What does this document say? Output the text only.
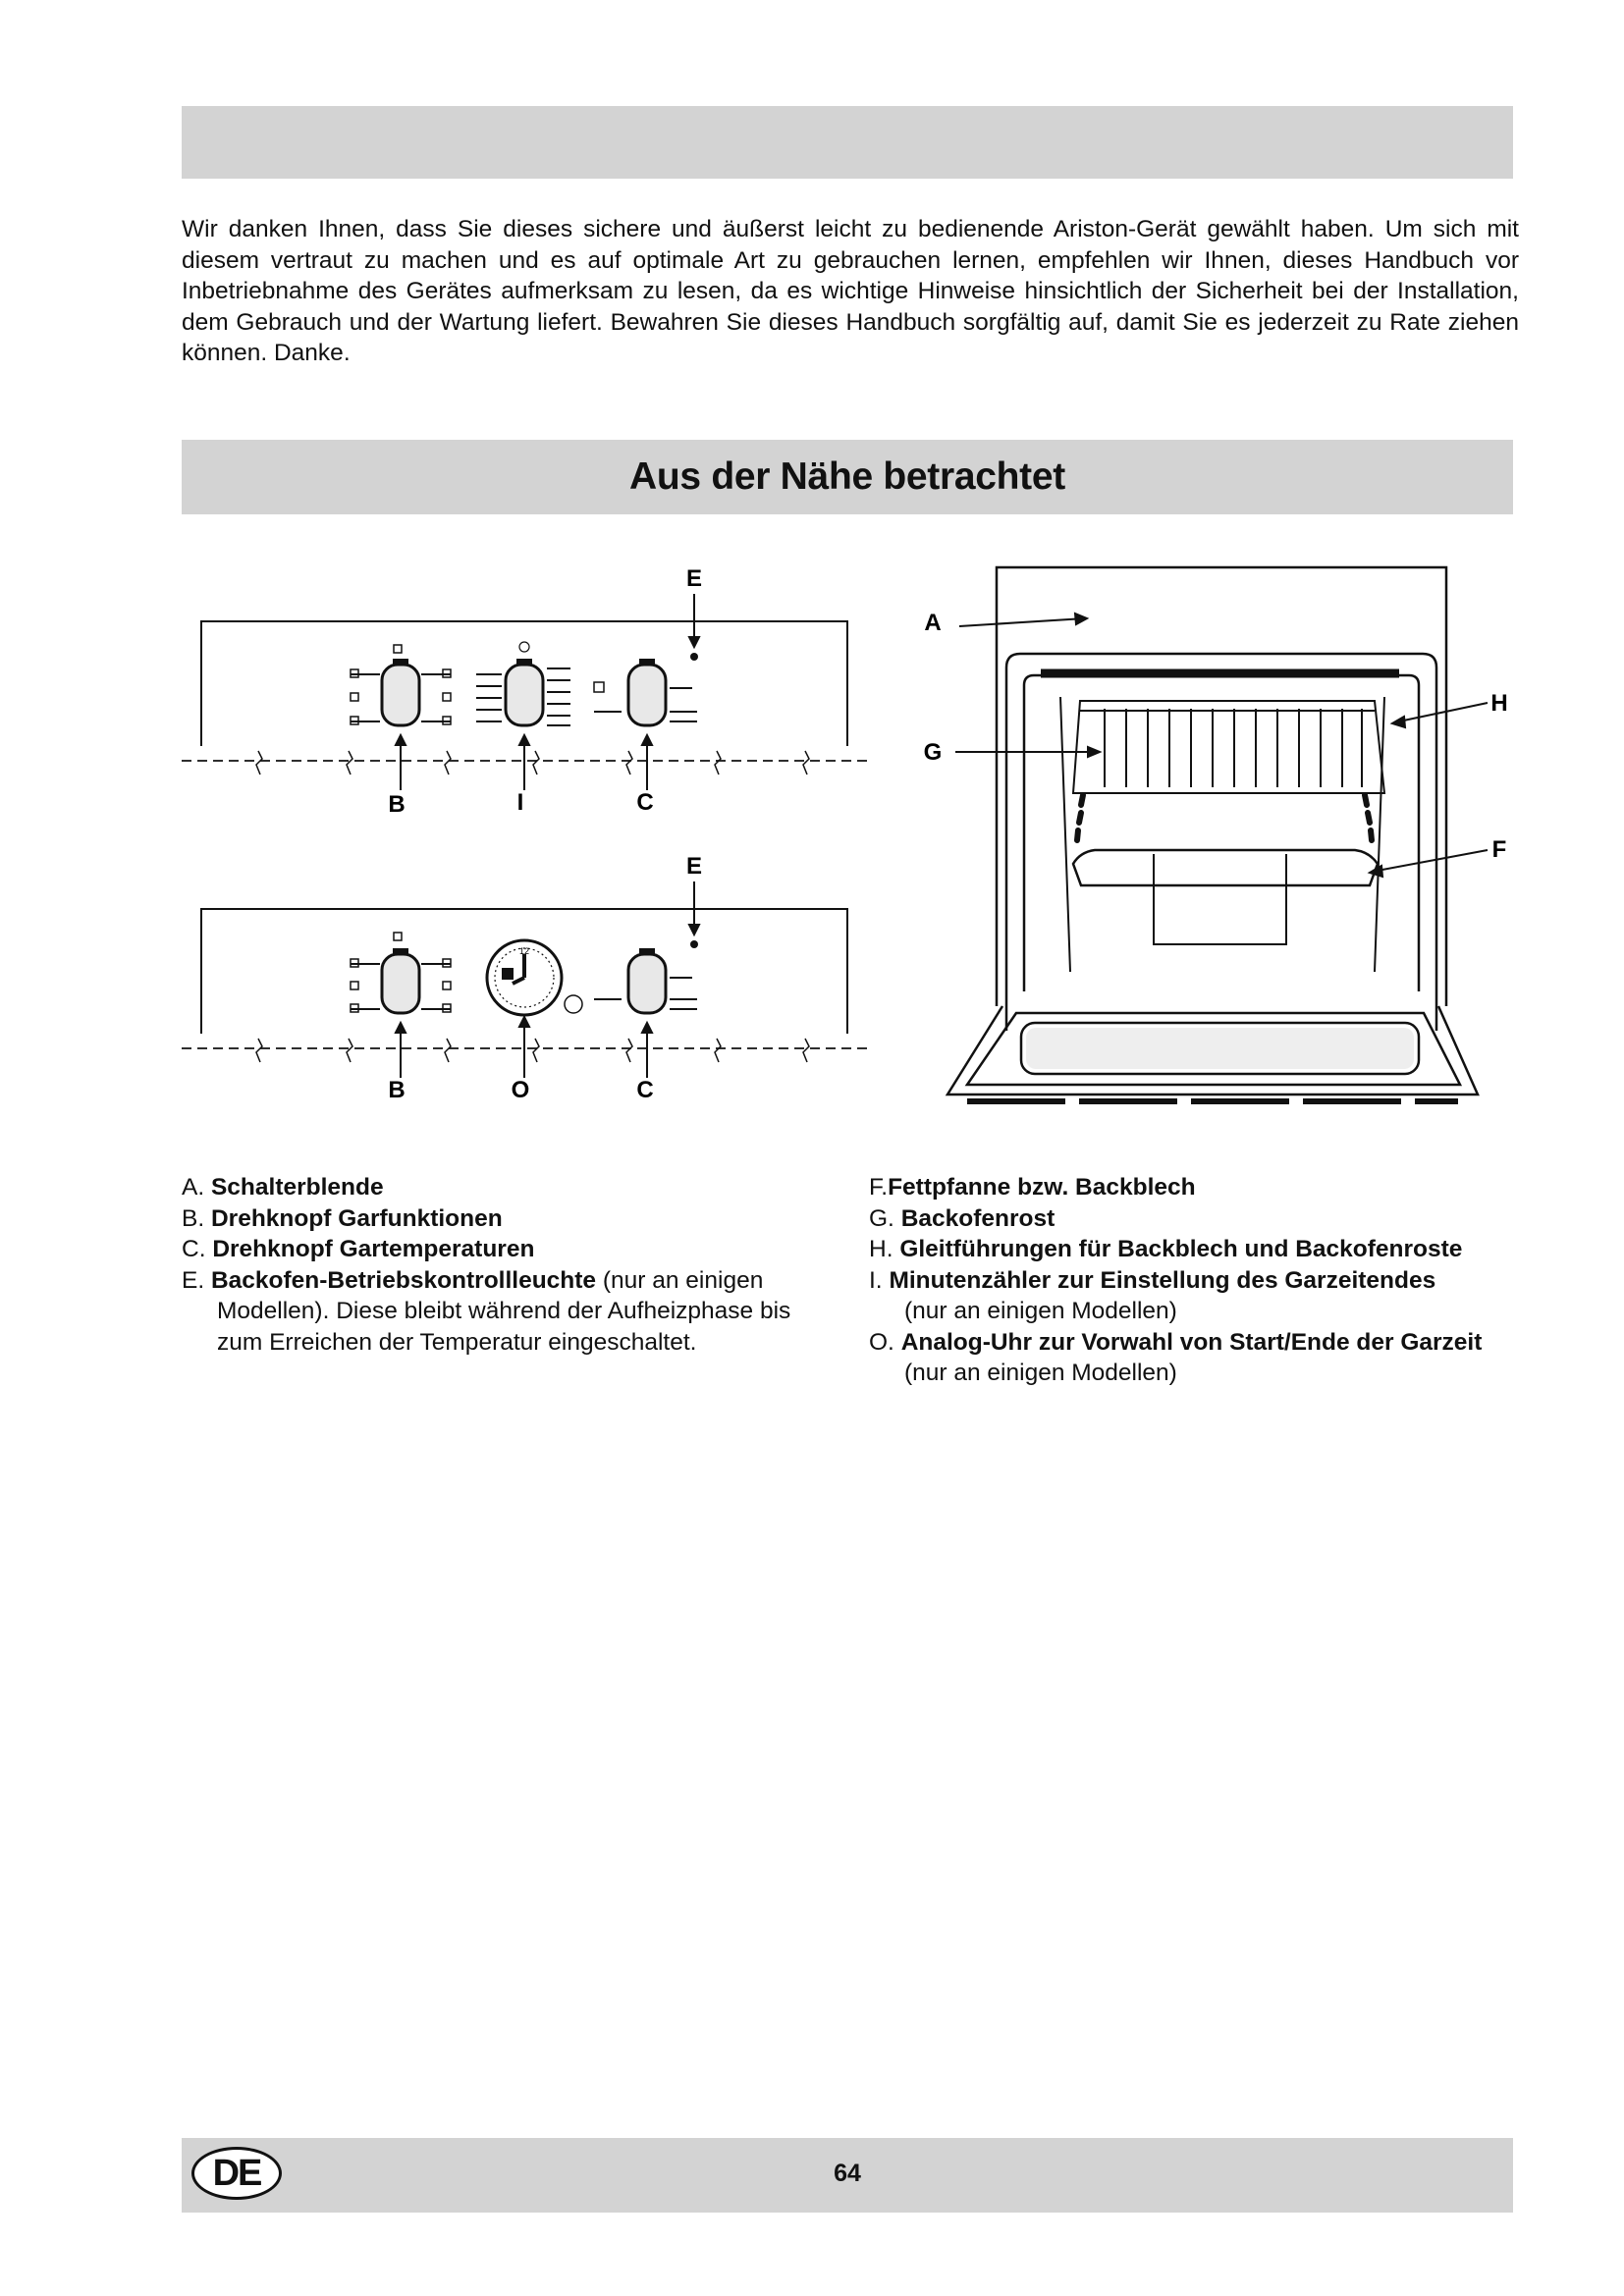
Wir danken Ihnen, dass Sie dieses sichere und äußerst leicht zu bedienende Ariston-Gerät gewählt haben. Um sich mit diesem vertraut zu machen und es auf optimale Art zu gebrauchen lernen, empfehlen wir Ihnen, dieses Handbuch vor Inbetriebnahme des Gerätes aufmerksam zu lesen, da es wichtige Hinweise hinsichtlich der Sicherheit bei der Installation, dem Gebrauch und der Wartung liefert. Bewahren Sie dieses Handbuch sorgfältig auf, damit Sie es jederzeit zu Rate ziehen können. Danke.

Aus der Nähe betrachtet
E
B	I	C
12
E
B	O	C
A
G
H
F
A. Schalterblende
B. Drehknopf Garfunktionen
C. Drehknopf Gartemperaturen
E. Backofen-Betriebskontrollleuchte (nur an einigen
Modellen). Diese bleibt während der Aufheizphase bis zum Erreichen der Temperatur eingeschaltet.
F.Fettpfanne bzw. Backblech
G. Backofenrost
H. Gleitführungen für Backblech und Backofenroste
I. Minutenzähler zur Einstellung des Garzeitendes
(nur an einigen Modellen)
O. Analog-Uhr zur Vorwahl von Start/Ende der Garzeit
(nur an einigen Modellen)
DE	64
